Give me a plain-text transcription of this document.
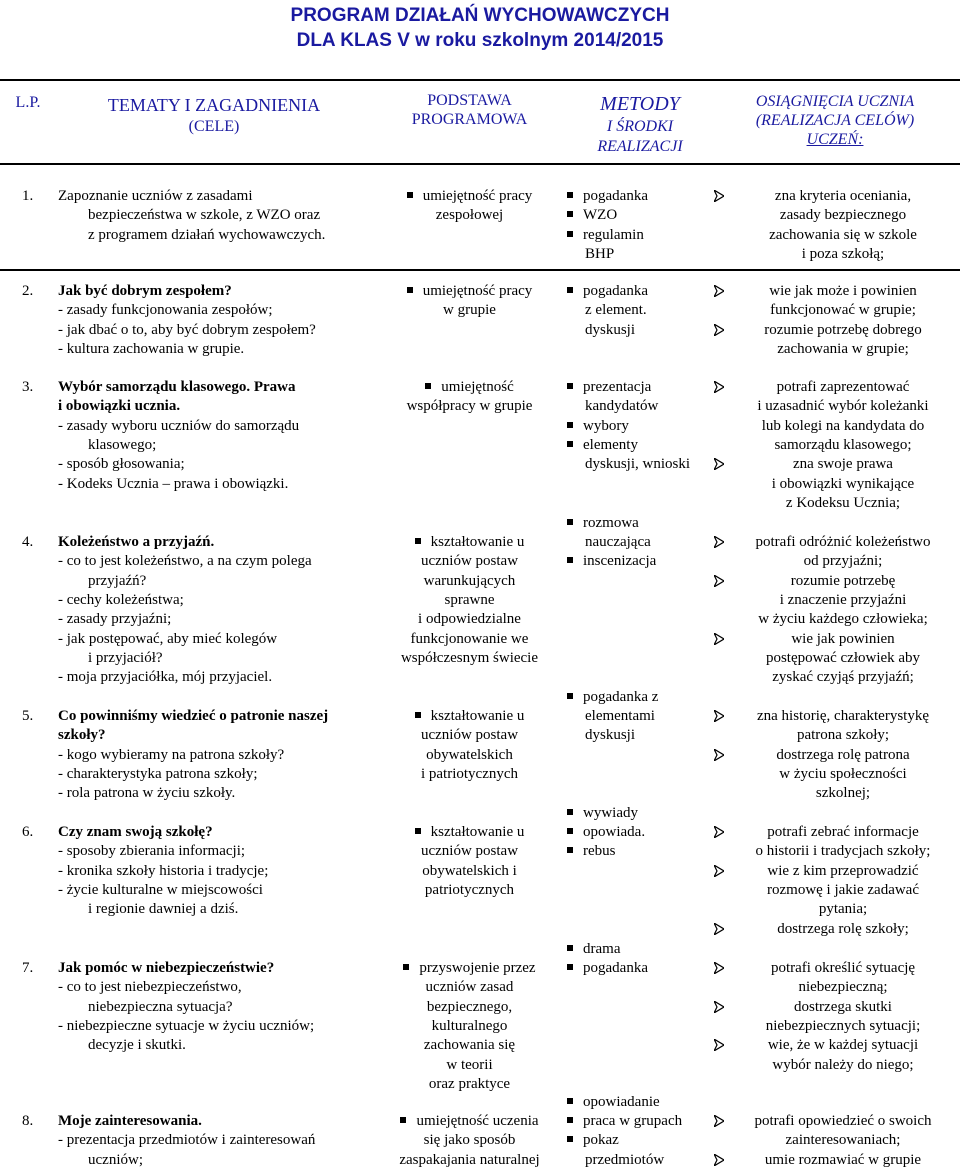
PROGRAM DZIAŁAŃ WYCHOWAWCZYCH
DLA KLAS V w roku szkolnym 2014/2015
L.P.	TEMATY I ZAGADNIENIA
(CELE)
PODSTAWA
PROGRAMOWA
METODY
I ŚRODKI
REALIZACJI
OSIĄGNIĘCIA UCZNIA
(REALIZACJA CELÓW)
UCZEŃ:
1. Zapoznanie uczniów z zasadami
bezpieczeństwa w szkole, z WZO oraz
z programem działań wychowawczych.
umiejętność pracy
zespołowej
pogadanka
WZO
regulamin
BHP
zna kryteria oceniania,
zasady bezpiecznego
zachowania się w szkole
i poza szkołą;
2. Jak być dobrym zespołem?
- zasady funkcjonowania zespołów;
- jak dbać o to, aby być dobrym zespołem?
- kultura zachowania w grupie.
umiejętność pracy
w grupie
pogadanka
z element.
dyskusji
wie jak może i powinien
funkcjonować w grupie;
rozumie potrzebę dobrego
zachowania w grupie;
3. Wybór samorządu klasowego. Prawa
i obowiązki ucznia.
- zasady wyboru uczniów do samorządu
klasowego;
- sposób głosowania;
- Kodeks Ucznia – prawa i obowiązki.
umiejętność
współpracy w grupie
prezentacja
kandydatów
wybory
elementy
dyskusji, wnioski
potrafi zaprezentować
i uzasadnić wybór koleżanki
lub kolegi na kandydata do
samorządu klasowego;
zna swoje prawa
i obowiązki wynikające
z Kodeksu Ucznia;
4. Koleżeństwo a przyjaźń.
- co to jest koleżeństwo, a na czym polega
przyjaźń?
- cechy koleżeństwa;
- zasady przyjaźni;
- jak postępować, aby mieć kolegów
i przyjaciół?
- moja przyjaciółka, mój przyjaciel.
kształtowanie u
uczniów postaw
warunkujących
sprawne
i odpowiedzialne
funkcjonowanie we
współczesnym świecie
rozmowa
nauczająca
inscenizacja
potrafi odróżnić koleżeństwo
od przyjaźni;
rozumie potrzebę
i znaczenie przyjaźni
w życiu każdego człowieka;
wie jak powinien
postępować człowiek aby
zyskać czyjąś przyjaźń;
5. Co powinniśmy wiedzieć o patronie naszej
szkoły?
- kogo wybieramy na patrona szkoły?
- charakterystyka patrona szkoły;
- rola patrona w życiu szkoły.
kształtowanie u
uczniów postaw
obywatelskich
i patriotycznych
pogadanka z
elementami
dyskusji
zna historię, charakterystykę
patrona szkoły;
dostrzega rolę patrona
w życiu społeczności
szkolnej;
6. Czy znam swoją szkołę?
- sposoby zbierania informacji;
- kronika szkoły historia i tradycje;
- życie kulturalne w miejscowości
i regionie dawniej a dziś.
kształtowanie u
uczniów postaw
obywatelskich i
patriotycznych
wywiady
opowiada.
rebus
potrafi zebrać informacje
o historii i tradycjach szkoły;
wie z kim przeprowadzić
rozmowę i jakie zadawać
pytania;
dostrzega rolę szkoły;
7. Jak pomóc w niebezpieczeństwie?
- co to jest niebezpieczeństwo,
niebezpieczna sytuacja?
- niebezpieczne sytuacje w życiu uczniów;
decyzje i skutki.
przyswojenie przez
uczniów zasad
bezpiecznego,
kulturalnego
zachowania się
w teorii
oraz praktyce
drama
pogadanka	potrafi określić sytuację
niebezpieczną;
dostrzega skutki
niebezpiecznych sytuacji;
wie, że w każdej sytuacji
wybór należy do niego;
8. Moje zainteresowania.
- prezentacja przedmiotów i zainteresowań
uczniów;
umiejętność uczenia
się jako sposób
zaspakajania naturalnej
opowiadanie
praca w grupach
pokaz
przedmiotów
potrafi opowiedzieć o swoich
zainteresowaniach;
umie rozmawiać w grupie
